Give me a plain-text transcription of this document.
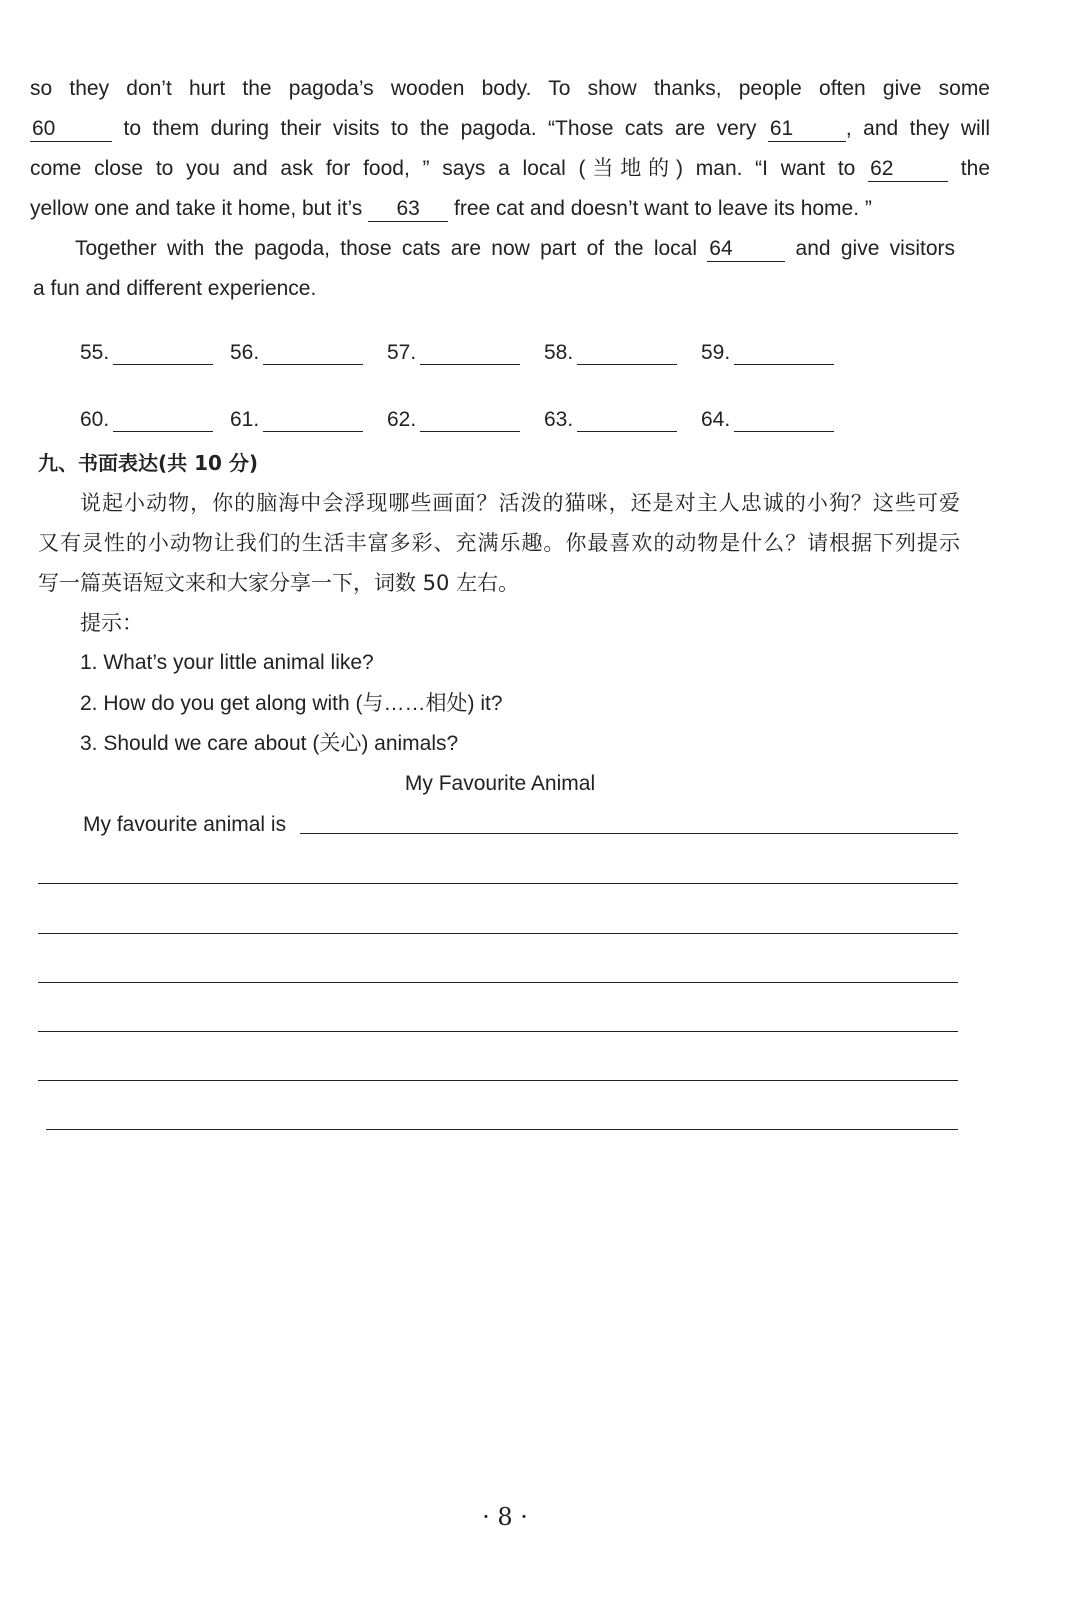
so they don’t hurt the pagoda’s wooden body. To show thanks, people often give some
60	to them during their visits to the pagoda. “Those cats are very 61	, and they will
come close to you and ask for food, ” says a local (当地的) man. “I want to 62	the
yellow one and take it home, but it’s 63 free cat and doesn’t want to leave its home. ”
Together with the pagoda, those cats are now part of the local 64	and give visitors
a fun and different experience.
55.	56.	57.	58.	59.
60.	61.	62.	63.	64.
九、书面表达(共 10 分)
说起小动物，你的脑海中会浮现哪些画面？活泼的猫咪，还是对主人忠诚的小狗？这些可爱
又有灵性的小动物让我们的生活丰富多彩、充满乐趣。你最喜欢的动物是什么？请根据下列提示
写一篇英语短文来和大家分享一下，词数 50 左右。
提示：
1. What’s your little animal like?
2. How do you get along with (与……相处) it?
3. Should we care about (关心) animals?
My Favourite Animal
My favourite animal is
· 8 ·
